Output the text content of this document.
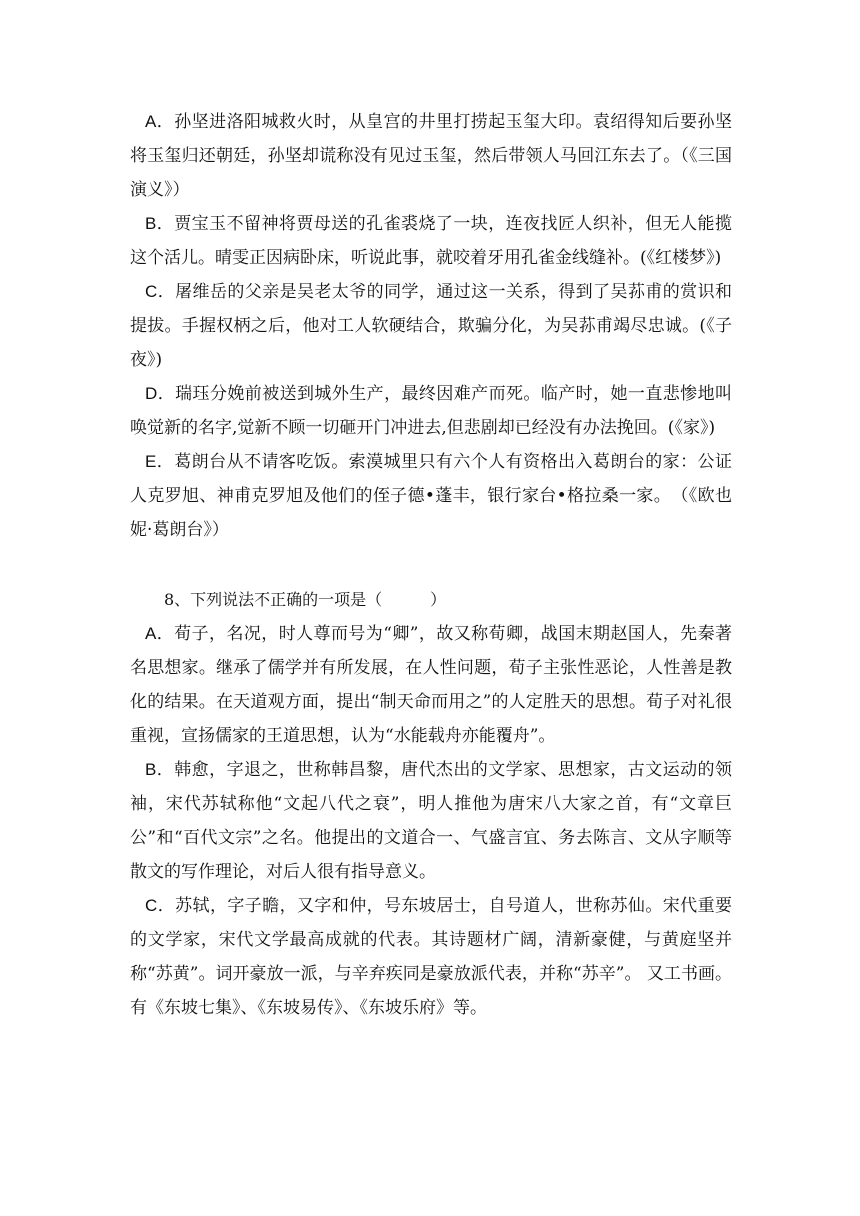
A．孙坚进洛阳城救火时，从皇宫的井里打捞起玉玺大印。袁绍得知后要孙坚将玉玺归还朝廷，孙坚却谎称没有见过玉玺，然后带领人马回江东去了。（《三国演义》）

B．贾宝玉不留神将贾母送的孔雀裘烧了一块，连夜找匠人织补，但无人能揽这个活儿。晴雯正因病卧床，听说此事，就咬着牙用孔雀金线缝补。(《红楼梦》)

C．屠维岳的父亲是吴老太爷的同学，通过这一关系，得到了吴荪甫的赏识和提拔。手握权柄之后，他对工人软硬结合，欺骗分化，为吴荪甫竭尽忠诚。(《子夜》)

D．瑞珏分娩前被送到城外生产，最终因难产而死。临产时，她一直悲惨地叫唤觉新的名字,觉新不顾一切砸开门冲进去,但悲剧却已经没有办法挽回。(《家》)

E．葛朗台从不请客吃饭。索漠城里只有六个人有资格出入葛朗台的家：公证人克罗旭、神甫克罗旭及他们的侄子德•蓬丰，银行家台•格拉桑一家。　（《欧也妮·葛朗台》）

8、下列说法不正确的一项是（　　　）

A．荀子，名况，时人尊而号为“卿”，故又称荀卿，战国末期赵国人，先秦著名思想家。继承了儒学并有所发展，在人性问题，荀子主张性恶论，人性善是教化的结果。在天道观方面，提出“制天命而用之”的人定胜天的思想。荀子对礼很重视，宣扬儒家的王道思想，认为“水能载舟亦能覆舟”。

B．韩愈，字退之，世称韩昌黎，唐代杰出的文学家、思想家，古文运动的领袖，宋代苏轼称他“文起八代之衰”，明人推他为唐宋八大家之首，有“文章巨公”和“百代文宗”之名。他提出的文道合一、气盛言宜、务去陈言、文从字顺等散文的写作理论，对后人很有指导意义。

C．苏轼，字子瞻，又字和仲，号东坡居士，自号道人，世称苏仙。宋代重要的文学家，宋代文学最高成就的代表。其诗题材广阔，清新豪健，与黄庭坚并称“苏黄”。词开豪放一派，与辛弃疾同是豪放派代表，并称“苏辛”。 又工书画。有《东坡七集》、《东坡易传》、《东坡乐府》等。
